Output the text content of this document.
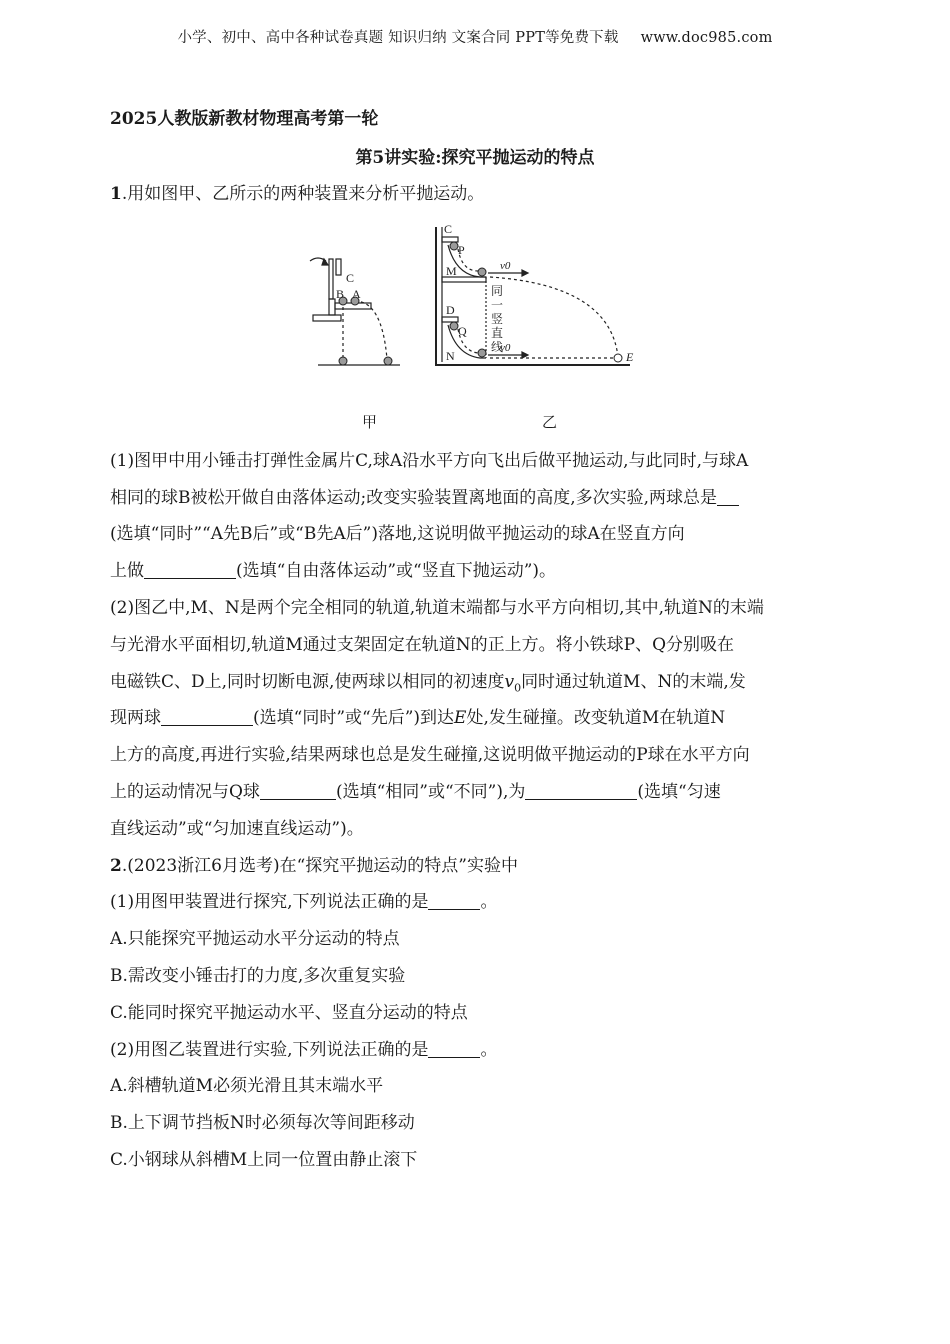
小学、初中、高中各种试卷真题 知识归纳 文案合同 PPT等免费下载 www.doc985.com
2025人教版新教材物理高考第一轮
第5讲实验:探究平抛运动的特点
1.用如图甲、乙所示的两种装置来分析平抛运动。
C
B A
C
P
M
D
Q
N	E
v0
v0
同
一
竖
直
线
甲	乙
(1)图甲中用小锤击打弹性金属片C,球A沿水平方向飞出后做平抛运动,与此同时,与球A
相同的球B被松开做自由落体运动;改变实验装置离地面的高度,多次实验,两球总是
(选填“同时”“A先B后”或“B先A后”)落地,这说明做平抛运动的球A在竖直方向
上做	(选填“自由落体运动”或“竖直下抛运动”)。
(2)图乙中,M、N是两个完全相同的轨道,轨道末端都与水平方向相切,其中,轨道N的末端
与光滑水平面相切,轨道M通过支架固定在轨道N的正上方。将小铁球P、Q分别吸在
电磁铁C、D上,同时切断电源,使两球以相同的初速度$v_0$同时通过轨道M、N的末端,发
现两球	(选填“同时”或“先后”)到达E处,发生碰撞。改变轨道M在轨道N
上方的高度,再进行实验,结果两球也总是发生碰撞,这说明做平抛运动的P球在水平方向
上的运动情况与Q球	(选填“相同”或“不同”),为	(选填“匀速
直线运动”或“匀加速直线运动”)。
2.(2023浙江6月选考)在“探究平抛运动的特点”实验中
(1)用图甲装置进行探究,下列说法正确的是	。
A.只能探究平抛运动水平分运动的特点
B.需改变小锤击打的力度,多次重复实验
C.能同时探究平抛运动水平、竖直分运动的特点
(2)用图乙装置进行实验,下列说法正确的是	。
A.斜槽轨道M必须光滑且其末端水平
B.上下调节挡板N时必须每次等间距移动
C.小钢球从斜槽M上同一位置由静止滚下
